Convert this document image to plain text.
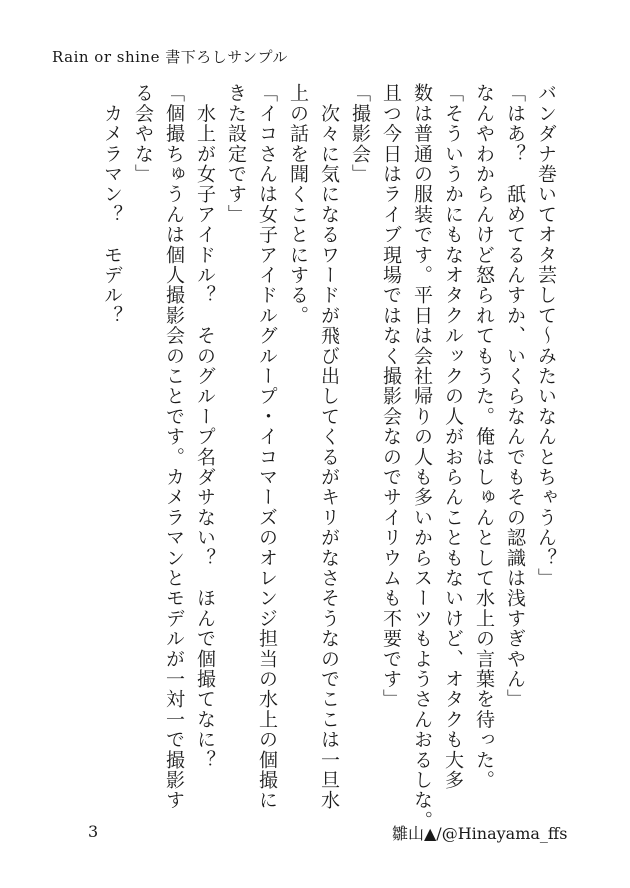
Rain or shine 書下ろしサンプル
バンダナ巻いてオタ芸して〜みたいなんとちゃうん？」
「はあ？　舐めてるんすか、いくらなんでもその認識は浅すぎやん」
なんやわからんけど怒られてもうた。俺はしゅんとして水上の言葉を待った。
「そういうかにもなオタクルックの人がおらんこともないけど、オタクも大多
数は普通の服装です。平日は会社帰りの人も多いからスーツもようさんおるしな。
且つ今日はライブ現場ではなく撮影会なのでサイリウムも不要です」
「撮影会」
　次々に気になるワードが飛び出してくるがキリがなさそうなのでここは一旦水
上の話を聞くことにする。
「イコさんは女子アイドルグループ・イコマーズのオレンジ担当の水上の個撮に
きた設定です」
　水上が女子アイドル？　そのグループ名ダサない？　ほんで個撮てなに？
「個撮ちゅうんは個人撮影会のことです。カメラマンとモデルが一対一で撮影す
る会やな」
　カメラマン？　モデル？
3	雛山▲/@Hinayama_ffs
